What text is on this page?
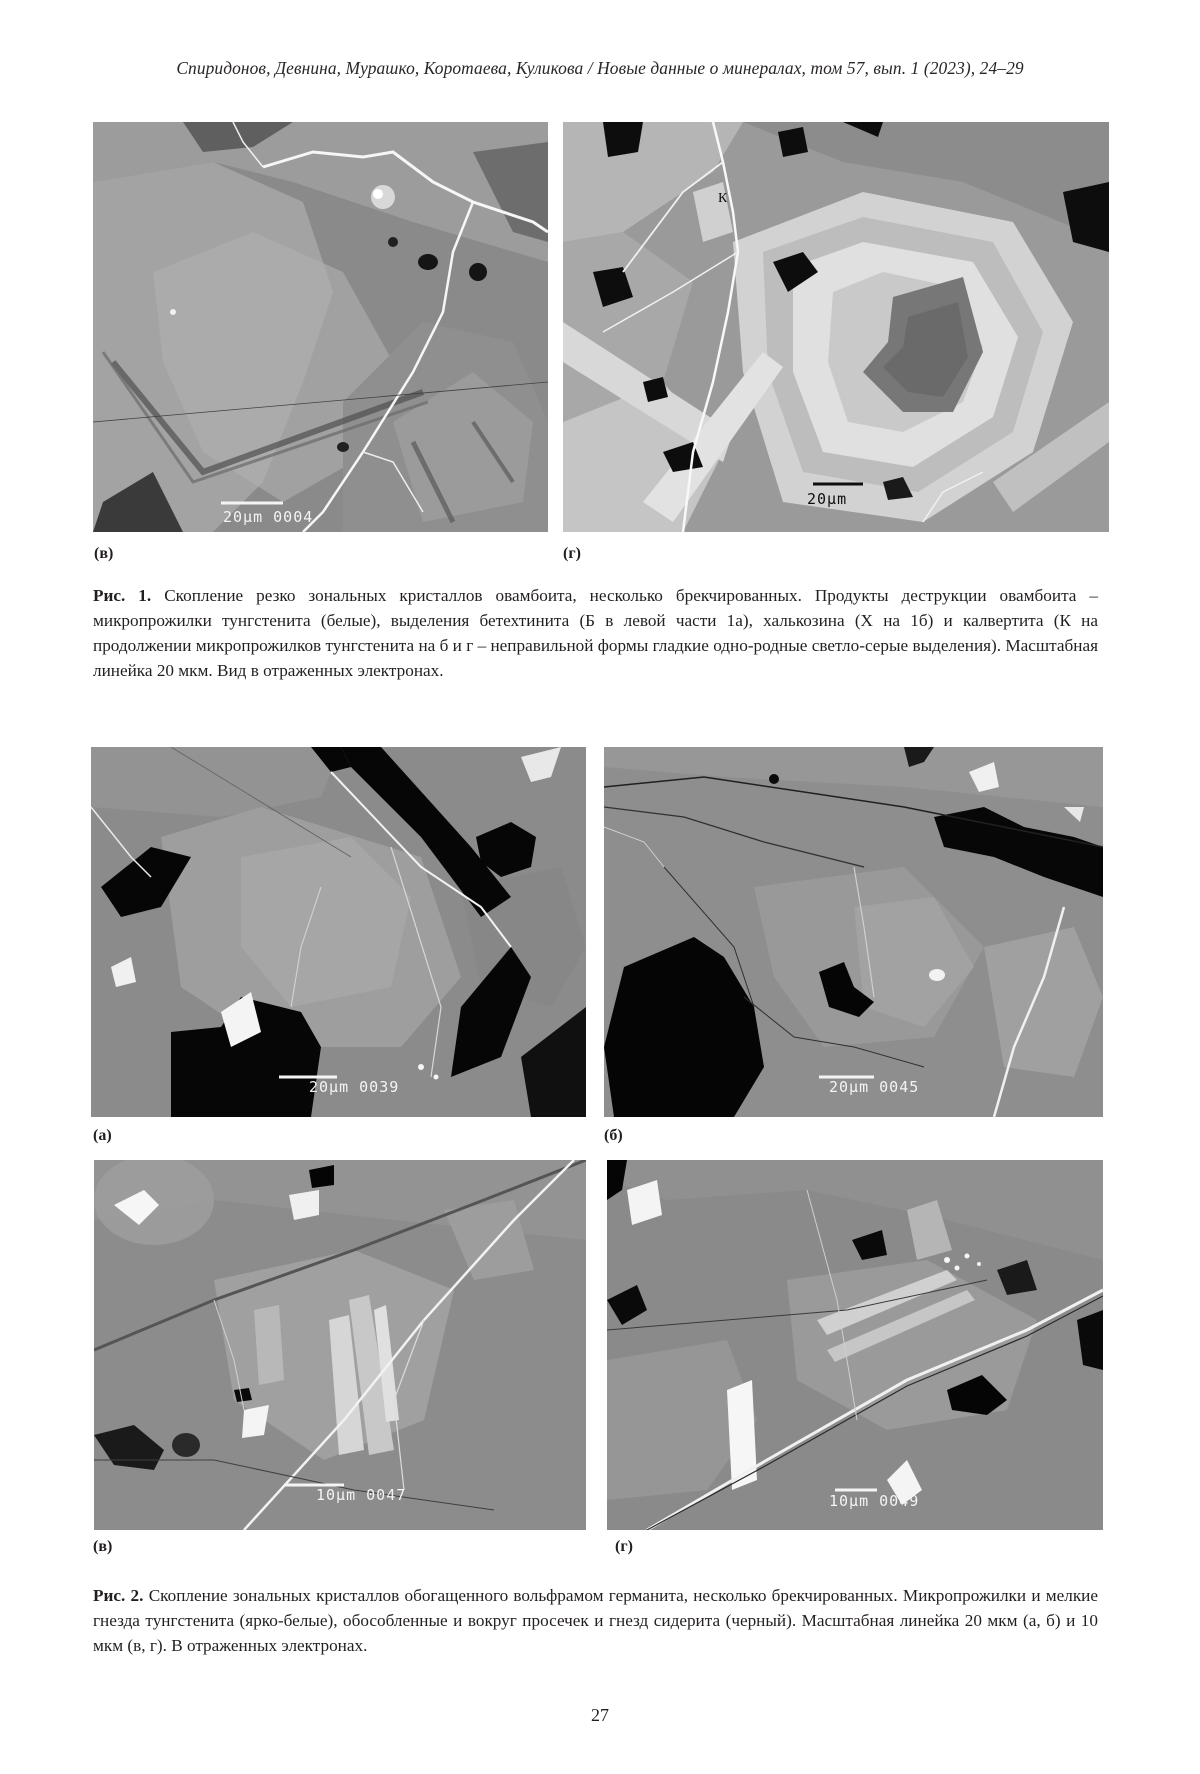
Спиридонов, Девнина, Мурашко, Коротаева, Куликова / Новые данные о минералах, том 57, вып. 1 (2023), 24–29
20μm 0004
(в)
К
20μm
(г)
Рис. 1. Скопление резко зональных кристаллов овамбоита, несколько брекчированных. Продукты деструкции овамбоита – микропрожилки тунгстенита (белые), выделения бетехтинита (Б в левой части 1а), халькозина (Х на 1б) и калвертита (К на продолжении микропрожилков тунгстенита на б и г – неправильной формы гладкие одно-родные светло-серые выделения). Масштабная линейка 20 мкм. Вид в отраженных электронах.
20μm 0039
(а)
20μm 0045
(б)
10μm 0047
(в)
10μm 0049
(г)
Рис. 2. Скопление зональных кристаллов обогащенного вольфрамом германита, несколько брекчированных. Микропрожилки и мелкие гнезда тунгстенита (ярко-белые), обособленные и вокруг просечек и гнезд сидерита (черный). Масштабная линейка 20 мкм (а, б) и 10 мкм (в, г). В отраженных электронах.
27
